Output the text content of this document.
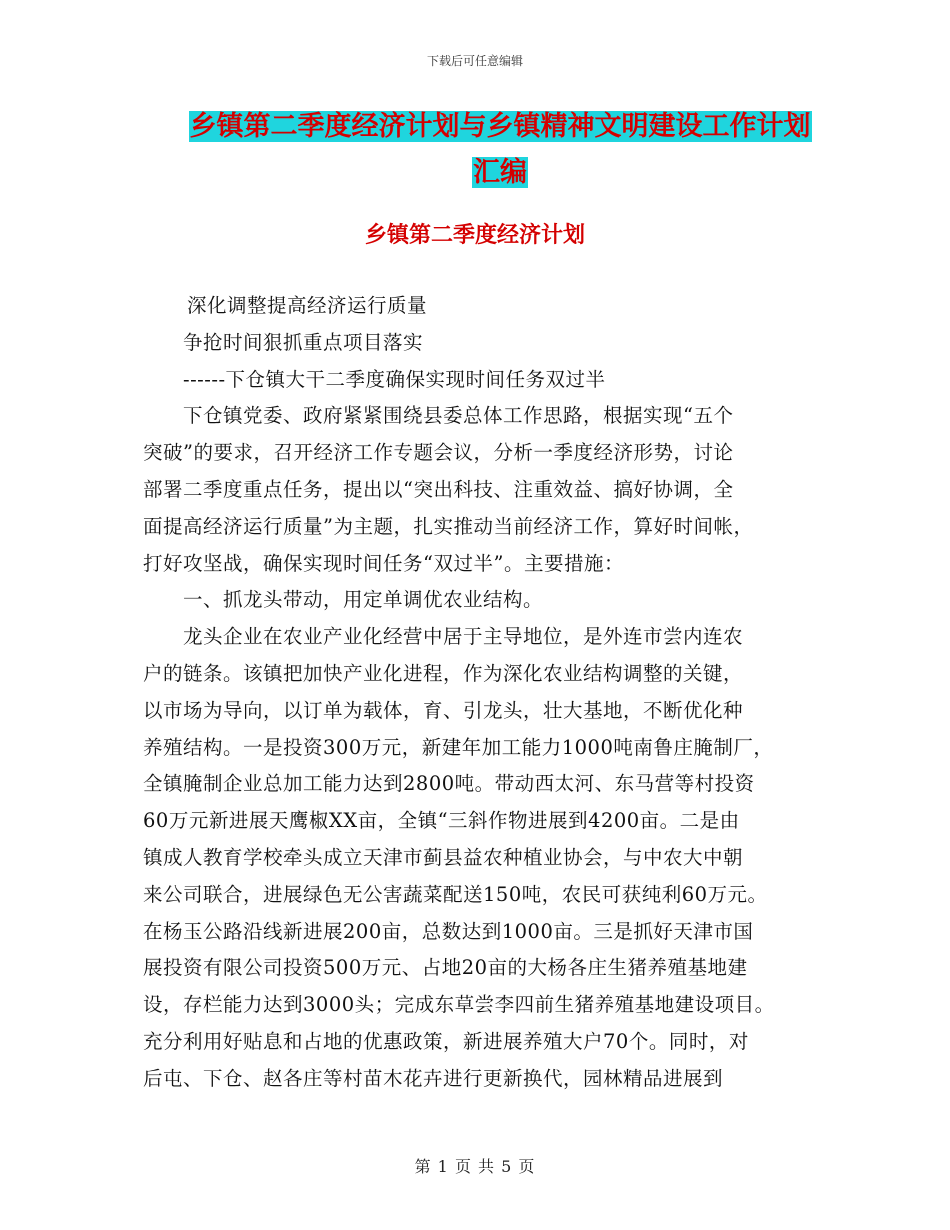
下载后可任意编辑
乡镇第二季度经济计划与乡镇精神文明建设工作计划
汇编
乡镇第二季度经济计划
深化调整提高经济运行质量
争抢时间狠抓重点项目落实
------下仓镇大干二季度确保实现时间任务双过半
下仓镇党委、政府紧紧围绕县委总体工作思路，根据实现“五个
突破”的要求，召开经济工作专题会议，分析一季度经济形势，讨论
部署二季度重点任务，提出以“突出科技、注重效益、搞好协调，全
面提高经济运行质量”为主题，扎实推动当前经济工作，算好时间帐，
打好攻坚战，确保实现时间任务“双过半”。主要措施：
一、抓龙头带动，用定单调优农业结构。
龙头企业在农业产业化经营中居于主导地位，是外连市尝内连农
户的链条。该镇把加快产业化进程，作为深化农业结构调整的关键，
以市场为导向，以订单为载体，育、引龙头，壮大基地，不断优化种
养殖结构。一是投资300万元，新建年加工能力1000吨南鲁庄腌制厂，
全镇腌制企业总加工能力达到2800吨。带动西太河、东马营等村投资
60万元新进展天鹰椒XX亩，全镇“三斜作物进展到4200亩。二是由
镇成人教育学校牵头成立天津市蓟县益农种植业协会，与中农大中朝
来公司联合，进展绿色无公害蔬菜配送150吨，农民可获纯利60万元。
在杨玉公路沿线新进展200亩，总数达到1000亩。三是抓好天津市国
展投资有限公司投资500万元、占地20亩的大杨各庄生猪养殖基地建
设，存栏能力达到3000头；完成东草尝李四前生猪养殖基地建设项目。
充分利用好贴息和占地的优惠政策，新进展养殖大户70个。同时，对
后屯、下仓、赵各庄等村苗木花卉进行更新换代，园林精品进展到
第 1 页 共 5 页
